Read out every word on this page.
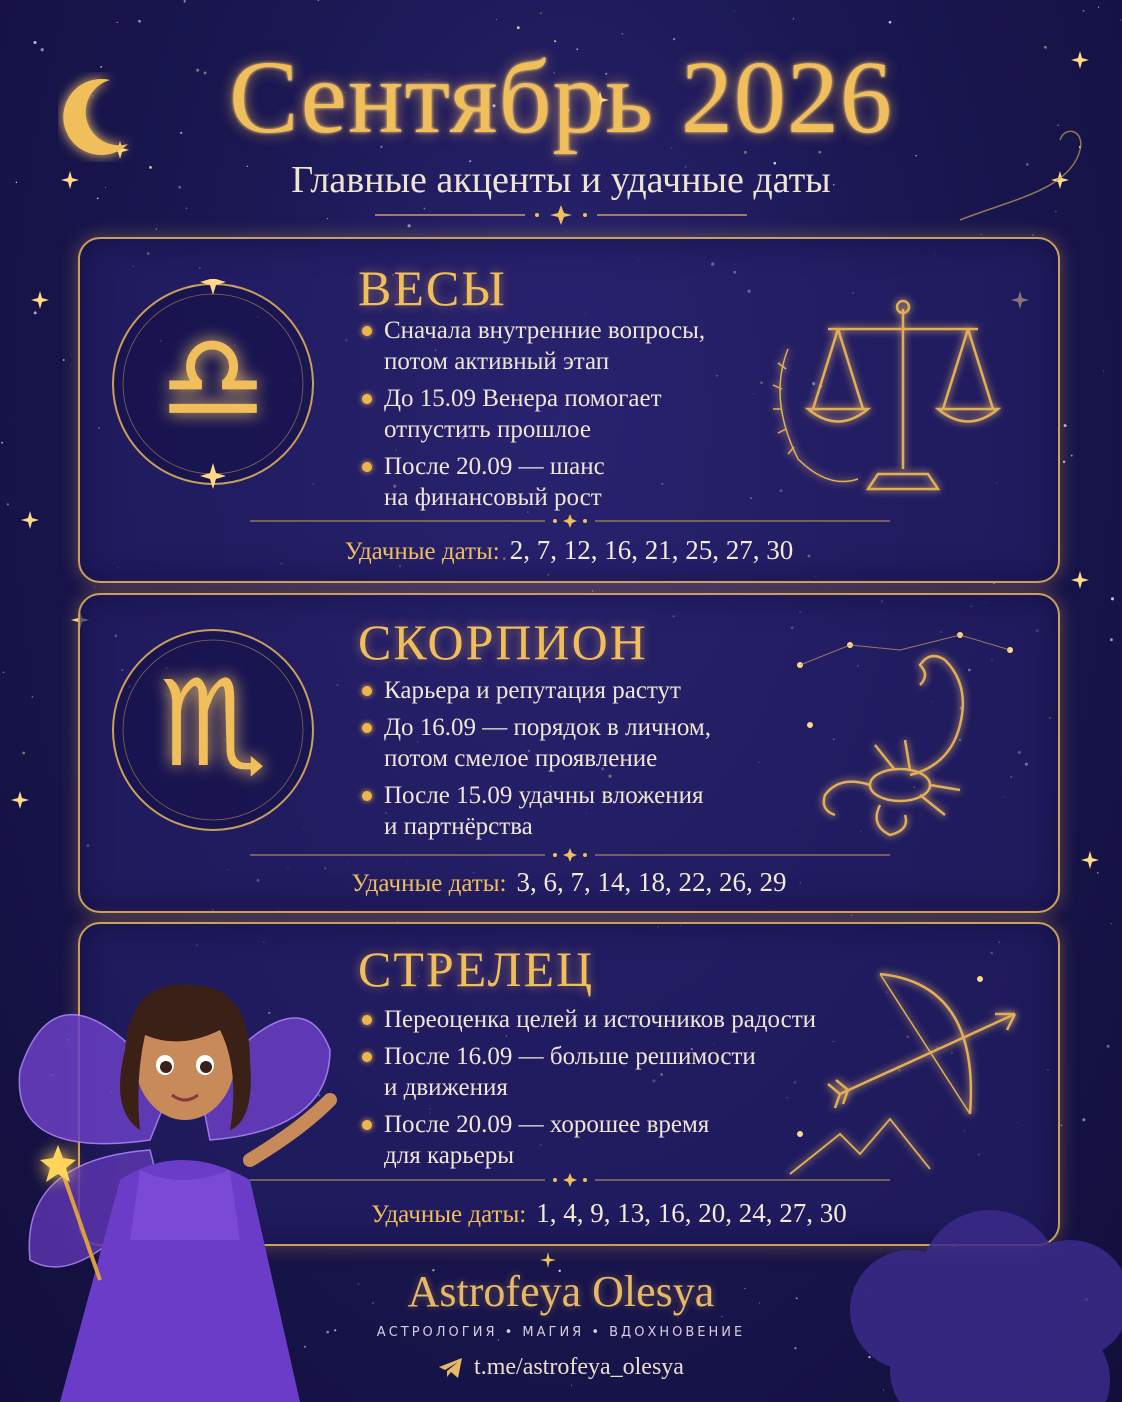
Сентябрь 2026
Главные акценты и удачные даты
♎
ВЕСЫ
Сначала внутренние вопросы,
потом активный этап
До 15.09 Венера помогает
отпустить прошлое
После 20.09 — шанс
на финансовый рост
Удачные даты: 2, 7, 12, 16, 21, 25, 27, 30
♏
СКОРПИОН
Карьера и репутация растут
До 16.09 — порядок в личном,
потом смелое проявление
После 15.09 удачны вложения
и партнёрства
Удачные даты: 3, 6, 7, 14, 18, 22, 26, 29
СТРЕЛЕЦ
Переоценка целей и источников радости
После 16.09 — больше решимости
и движения
После 20.09 — хорошее время
для карьеры
Удачные даты: 1, 4, 9, 13, 16, 20, 24, 27, 30
Astrofeya Olesya
АСТРОЛОГИЯ • МАГИЯ • ВДОХНОВЕНИЕ
t.me/astrofeya_olesya
